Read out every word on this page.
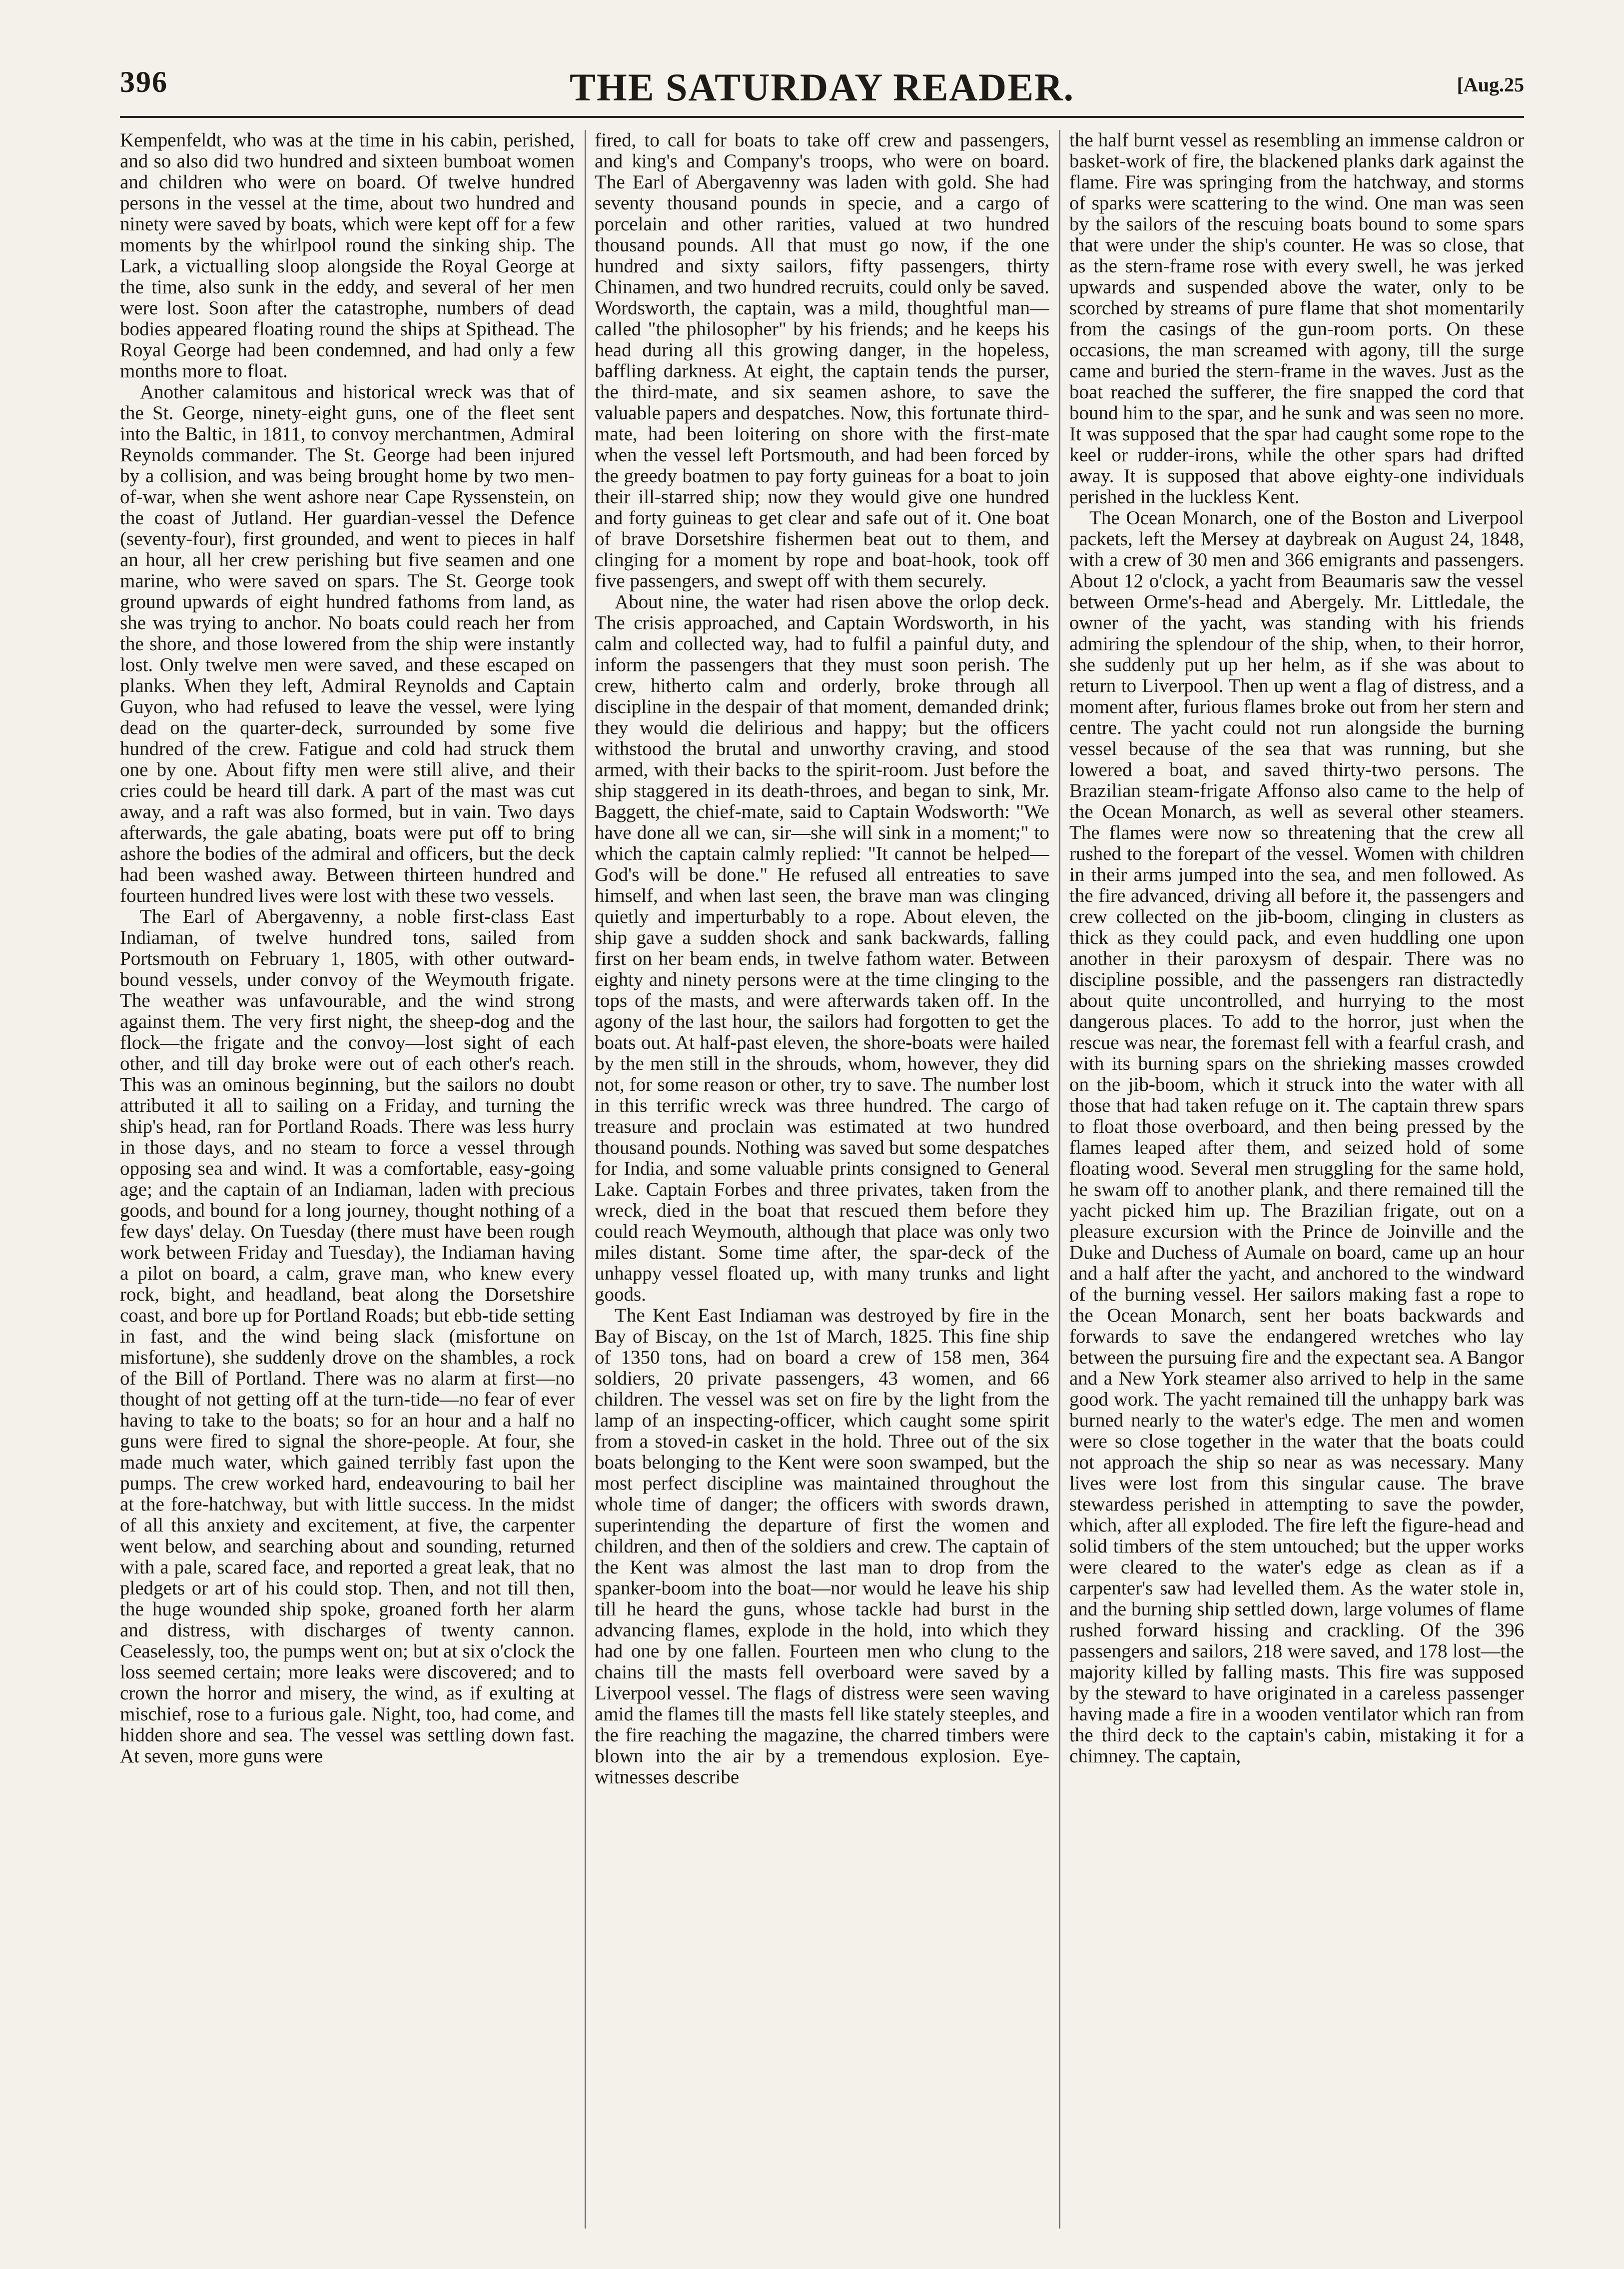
396	THE SATURDAY READER.	[Aug.25

Kempenfeldt, who was at the time in his cabin, perished, and so also did two hundred and sixteen bumboat women and children who were on board. Of twelve hundred persons in the vessel at the time, about two hundred and ninety were saved by boats, which were kept off for a few moments by the whirlpool round the sinking ship. The Lark, a victualling sloop alongside the Royal George at the time, also sunk in the eddy, and several of her men were lost. Soon after the catastrophe, numbers of dead bodies appeared floating round the ships at Spithead. The Royal George had been condemned, and had only a few months more to float.

Another calamitous and historical wreck was that of the St. George, ninety-eight guns, one of the fleet sent into the Baltic, in 1811, to convoy merchantmen, Admiral Reynolds commander. The St. George had been injured by a collision, and was being brought home by two men-of-war, when she went ashore near Cape Ryssenstein, on the coast of Jutland. Her guardian-vessel the Defence (seventy-four), first grounded, and went to pieces in half an hour, all her crew perishing but five seamen and one marine, who were saved on spars. The St. George took ground upwards of eight hundred fathoms from land, as she was trying to anchor. No boats could reach her from the shore, and those lowered from the ship were instantly lost. Only twelve men were saved, and these escaped on planks. When they left, Admiral Reynolds and Captain Guyon, who had refused to leave the vessel, were lying dead on the quarter-deck, surrounded by some five hundred of the crew. Fatigue and cold had struck them one by one. About fifty men were still alive, and their cries could be heard till dark. A part of the mast was cut away, and a raft was also formed, but in vain. Two days afterwards, the gale abating, boats were put off to bring ashore the bodies of the admiral and officers, but the deck had been washed away. Between thirteen hundred and fourteen hundred lives were lost with these two vessels.

The Earl of Abergavenny, a noble first-class East Indiaman, of twelve hundred tons, sailed from Portsmouth on February 1, 1805, with other outward-bound vessels, under convoy of the Weymouth frigate. The weather was unfavourable, and the wind strong against them. The very first night, the sheep-dog and the flock—the frigate and the convoy—lost sight of each other, and till day broke were out of each other's reach. This was an ominous beginning, but the sailors no doubt attributed it all to sailing on a Friday, and turning the ship's head, ran for Portland Roads. There was less hurry in those days, and no steam to force a vessel through opposing sea and wind. It was a comfortable, easy-going age; and the captain of an Indiaman, laden with precious goods, and bound for a long journey, thought nothing of a few days' delay. On Tuesday (there must have been rough work between Friday and Tuesday), the Indiaman having a pilot on board, a calm, grave man, who knew every rock, bight, and headland, beat along the Dorsetshire coast, and bore up for Portland Roads; but ebb-tide setting in fast, and the wind being slack (misfortune on misfortune), she suddenly drove on the shambles, a rock of the Bill of Portland. There was no alarm at first—no thought of not getting off at the turn-tide—no fear of ever having to take to the boats; so for an hour and a half no guns were fired to signal the shore-people. At four, she made much water, which gained terribly fast upon the pumps. The crew worked hard, endeavouring to bail her at the fore-hatchway, but with little success. In the midst of all this anxiety and excitement, at five, the carpenter went below, and searching about and sounding, returned with a pale, scared face, and reported a great leak, that no pledgets or art of his could stop. Then, and not till then, the huge wounded ship spoke, groaned forth her alarm and distress, with discharges of twenty cannon. Ceaselessly, too, the pumps went on; but at six o'clock the loss seemed certain; more leaks were discovered; and to crown the horror and misery, the wind, as if exulting at mischief, rose to a furious gale. Night, too, had come, and hidden shore and sea. The vessel was settling down fast. At seven, more guns were

fired, to call for boats to take off crew and passengers, and king's and Company's troops, who were on board. The Earl of Abergavenny was laden with gold. She had seventy thousand pounds in specie, and a cargo of porcelain and other rarities, valued at two hundred thousand pounds. All that must go now, if the one hundred and sixty sailors, fifty passengers, thirty Chinamen, and two hundred recruits, could only be saved. Wordsworth, the captain, was a mild, thoughtful man—called "the philosopher" by his friends; and he keeps his head during all this growing danger, in the hopeless, baffling darkness. At eight, the captain tends the purser, the third-mate, and six seamen ashore, to save the valuable papers and despatches. Now, this fortunate third-mate, had been loitering on shore with the first-mate when the vessel left Portsmouth, and had been forced by the greedy boatmen to pay forty guineas for a boat to join their ill-starred ship; now they would give one hundred and forty guineas to get clear and safe out of it. One boat of brave Dorsetshire fishermen beat out to them, and clinging for a moment by rope and boat-hook, took off five passengers, and swept off with them securely.

About nine, the water had risen above the orlop deck. The crisis approached, and Captain Wordsworth, in his calm and collected way, had to fulfil a painful duty, and inform the passengers that they must soon perish. The crew, hitherto calm and orderly, broke through all discipline in the despair of that moment, demanded drink; they would die delirious and happy; but the officers withstood the brutal and unworthy craving, and stood armed, with their backs to the spirit-room. Just before the ship staggered in its death-throes, and began to sink, Mr. Baggett, the chief-mate, said to Captain Wodsworth: "We have done all we can, sir—she will sink in a moment;" to which the captain calmly replied: "It cannot be helped—God's will be done." He refused all entreaties to save himself, and when last seen, the brave man was clinging quietly and imperturbably to a rope. About eleven, the ship gave a sudden shock and sank backwards, falling first on her beam ends, in twelve fathom water. Between eighty and ninety persons were at the time clinging to the tops of the masts, and were afterwards taken off. In the agony of the last hour, the sailors had forgotten to get the boats out. At half-past eleven, the shore-boats were hailed by the men still in the shrouds, whom, however, they did not, for some reason or other, try to save. The number lost in this terrific wreck was three hundred. The cargo of treasure and proclain was estimated at two hundred thousand pounds. Nothing was saved but some despatches for India, and some valuable prints consigned to General Lake. Captain Forbes and three privates, taken from the wreck, died in the boat that rescued them before they could reach Weymouth, although that place was only two miles distant. Some time after, the spar-deck of the unhappy vessel floated up, with many trunks and light goods.

The Kent East Indiaman was destroyed by fire in the Bay of Biscay, on the 1st of March, 1825. This fine ship of 1350 tons, had on board a crew of 158 men, 364 soldiers, 20 private passengers, 43 women, and 66 children. The vessel was set on fire by the light from the lamp of an inspecting-officer, which caught some spirit from a stoved-in casket in the hold. Three out of the six boats belonging to the Kent were soon swamped, but the most perfect discipline was maintained throughout the whole time of danger; the officers with swords drawn, superintending the departure of first the women and children, and then of the soldiers and crew. The captain of the Kent was almost the last man to drop from the spanker-boom into the boat—nor would he leave his ship till he heard the guns, whose tackle had burst in the advancing flames, explode in the hold, into which they had one by one fallen. Fourteen men who clung to the chains till the masts fell overboard were saved by a Liverpool vessel. The flags of distress were seen waving amid the flames till the masts fell like stately steeples, and the fire reaching the magazine, the charred timbers were blown into the air by a tremendous explosion. Eye-witnesses describe

the half burnt vessel as resembling an immense caldron or basket-work of fire, the blackened planks dark against the flame. Fire was springing from the hatchway, and storms of sparks were scattering to the wind. One man was seen by the sailors of the rescuing boats bound to some spars that were under the ship's counter. He was so close, that as the stern-frame rose with every swell, he was jerked upwards and suspended above the water, only to be scorched by streams of pure flame that shot momentarily from the casings of the gun-room ports. On these occasions, the man screamed with agony, till the surge came and buried the stern-frame in the waves. Just as the boat reached the sufferer, the fire snapped the cord that bound him to the spar, and he sunk and was seen no more. It was supposed that the spar had caught some rope to the keel or rudder-irons, while the other spars had drifted away. It is supposed that above eighty-one individuals perished in the luckless Kent.

The Ocean Monarch, one of the Boston and Liverpool packets, left the Mersey at daybreak on August 24, 1848, with a crew of 30 men and 366 emigrants and passengers. About 12 o'clock, a yacht from Beaumaris saw the vessel between Orme's-head and Abergely. Mr. Littledale, the owner of the yacht, was standing with his friends admiring the splendour of the ship, when, to their horror, she suddenly put up her helm, as if she was about to return to Liverpool. Then up went a flag of distress, and a moment after, furious flames broke out from her stern and centre. The yacht could not run alongside the burning vessel because of the sea that was running, but she lowered a boat, and saved thirty-two persons. The Brazilian steam-frigate Affonso also came to the help of the Ocean Monarch, as well as several other steamers. The flames were now so threatening that the crew all rushed to the forepart of the vessel. Women with children in their arms jumped into the sea, and men followed. As the fire advanced, driving all before it, the passengers and crew collected on the jib-boom, clinging in clusters as thick as they could pack, and even huddling one upon another in their paroxysm of despair. There was no discipline possible, and the passengers ran distractedly about quite uncontrolled, and hurrying to the most dangerous places. To add to the horror, just when the rescue was near, the foremast fell with a fearful crash, and with its burning spars on the shrieking masses crowded on the jib-boom, which it struck into the water with all those that had taken refuge on it. The captain threw spars to float those overboard, and then being pressed by the flames leaped after them, and seized hold of some floating wood. Several men struggling for the same hold, he swam off to another plank, and there remained till the yacht picked him up. The Brazilian frigate, out on a pleasure excursion with the Prince de Joinville and the Duke and Duchess of Aumale on board, came up an hour and a half after the yacht, and anchored to the windward of the burning vessel. Her sailors making fast a rope to the Ocean Monarch, sent her boats backwards and forwards to save the endangered wretches who lay between the pursuing fire and the expectant sea. A Bangor and a New York steamer also arrived to help in the same good work. The yacht remained till the unhappy bark was burned nearly to the water's edge. The men and women were so close together in the water that the boats could not approach the ship so near as was necessary. Many lives were lost from this singular cause. The brave stewardess perished in attempting to save the powder, which, after all exploded. The fire left the figure-head and solid timbers of the stem untouched; but the upper works were cleared to the water's edge as clean as if a carpenter's saw had levelled them. As the water stole in, and the burning ship settled down, large volumes of flame rushed forward hissing and crackling. Of the 396 passengers and sailors, 218 were saved, and 178 lost—the majority killed by falling masts. This fire was supposed by the steward to have originated in a careless passenger having made a fire in a wooden ventilator which ran from the third deck to the captain's cabin, mistaking it for a chimney. The captain,
